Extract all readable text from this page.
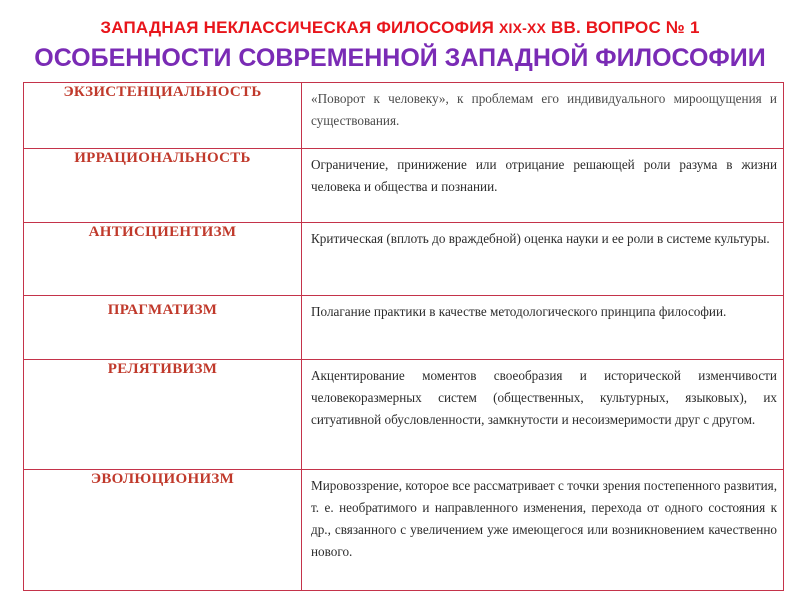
ЗАПАДНАЯ НЕКЛАССИЧЕСКАЯ ФИЛОСОФИЯ XIX-XX ВВ. ВОПРОС № 1
ОСОБЕННОСТИ СОВРЕМЕННОЙ ЗАПАДНОЙ ФИЛОСОФИИ
ЭКЗИСТЕНЦИАЛЬНОСТЬ	«Поворот к человеку», к проблемам его индивидуального мироощущения и существования.
ИРРАЦИОНАЛЬНОСТЬ	Ограничение, принижение или отрицание решающей роли разума в жизни человека и общества и познании.
АНТИСЦИЕНТИЗМ	Критическая (вплоть до враждебной) оценка науки и ее роли в системе культуры.
ПРАГМАТИЗМ	Полагание практики в качестве методологического принципа философии.
РЕЛЯТИВИЗМ	Акцентирование моментов своеобразия и исторической изменчивости человекоразмерных систем (общественных, культурных, языковых), их ситуативной обусловленности, замкнутости и несоизмеримости друг с другом.
ЭВОЛЮЦИОНИЗМ	Мировоззрение, которое все рассматривает с точки зрения постепенного развития, т. е. необратимого и направленного изменения, перехода от одного состояния к др., связанного с увеличением уже имеющегося или возникновением качественно нового.
